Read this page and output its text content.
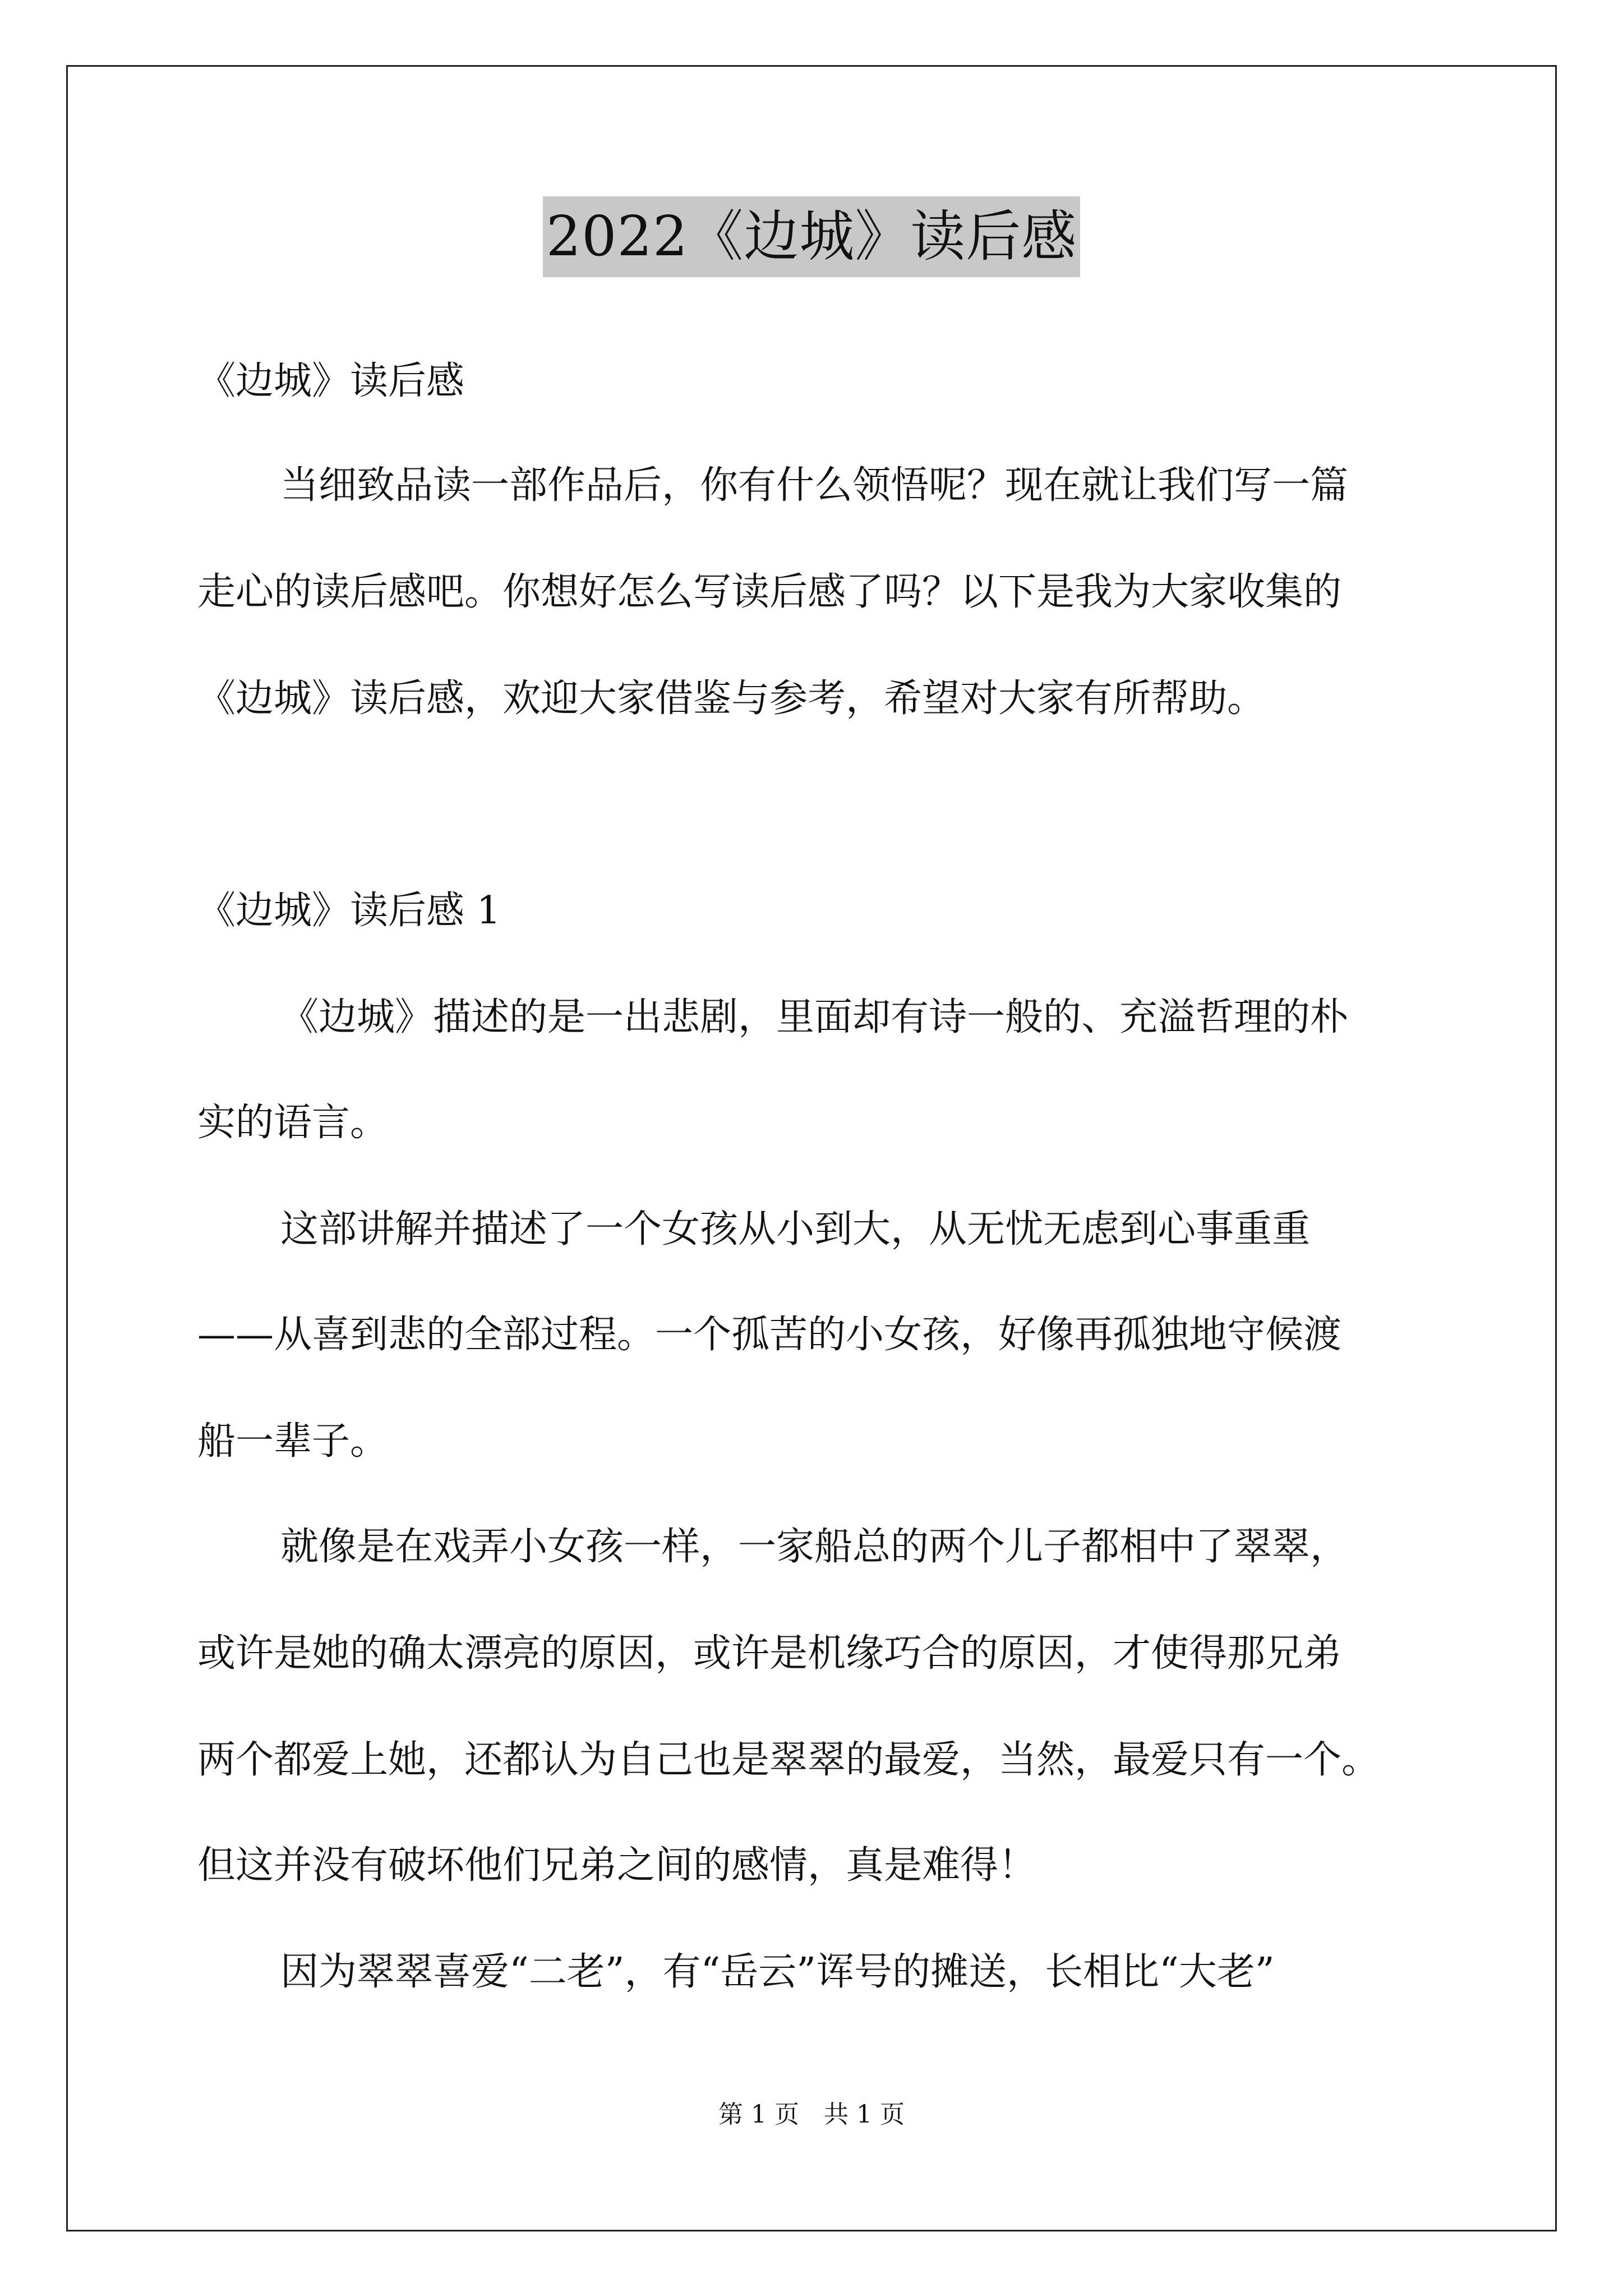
2022《边城》读后感
《边城》读后感
当细致品读一部作品后，你有什么领悟呢？现在就让我们写一篇
走心的读后感吧。你想好怎么写读后感了吗？以下是我为大家收集的
《边城》读后感，欢迎大家借鉴与参考，希望对大家有所帮助。
《边城》读后感 1
《边城》描述的是一出悲剧，里面却有诗一般的、充溢哲理的朴
实的语言。
这部讲解并描述了一个女孩从小到大，从无忧无虑到心事重重
——从喜到悲的全部过程。一个孤苦的小女孩，好像再孤独地守候渡
船一辈子。
就像是在戏弄小女孩一样，一家船总的两个儿子都相中了翠翠，
或许是她的确太漂亮的原因，或许是机缘巧合的原因，才使得那兄弟
两个都爱上她，还都认为自己也是翠翠的最爱，当然，最爱只有一个。
但这并没有破坏他们兄弟之间的感情，真是难得！
因为翠翠喜爱“二老”，有“岳云”诨号的摊送，长相比“大老”
第 1 页　共 1 页
